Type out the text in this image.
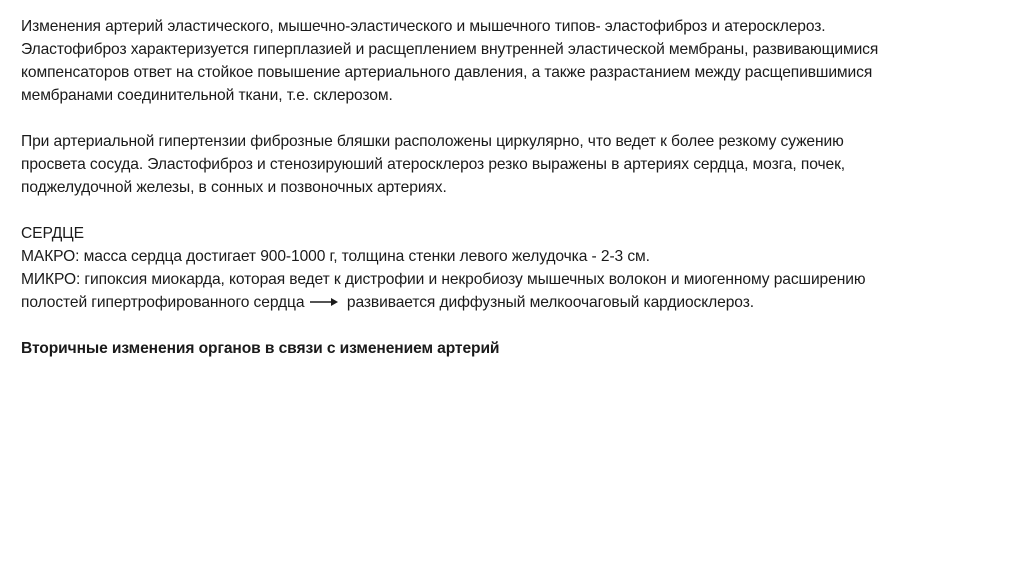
Изменения артерий эластического, мышечно-эластического и мышечного типов- эластофиброз и атеросклероз.
Эластофиброз характеризуется гиперплазией и расщеплением внутренней эластической мембраны, развивающимися
компенсаторов ответ на стойкое повышение артериального давления, а также разрастанием между расщепившимися
мембранами соединительной ткани, т.е. склерозом.
При артериальной гипертензии фиброзные бляшки расположены циркулярно, что ведет к более резкому сужению
просвета сосуда. Эластофиброз и стенозируюший атеросклероз резко выражены в артериях сердца, мозга, почек,
поджелудочной железы, в сонных и позвоночных артериях.
СЕРДЦЕ
МАКРО: масса сердца достигает 900-1000 г, толщина стенки левого желудочка - 2-3 см.
МИКРО: гипоксия миокарда, которая ведет к дистрофии и некробиозу мышечных волокон и миогенному расширению
полостей гипертрофированного сердца	развивается диффузный мелкоочаговый кардиосклероз.
Вторичные изменения органов в связи с изменением артерий
